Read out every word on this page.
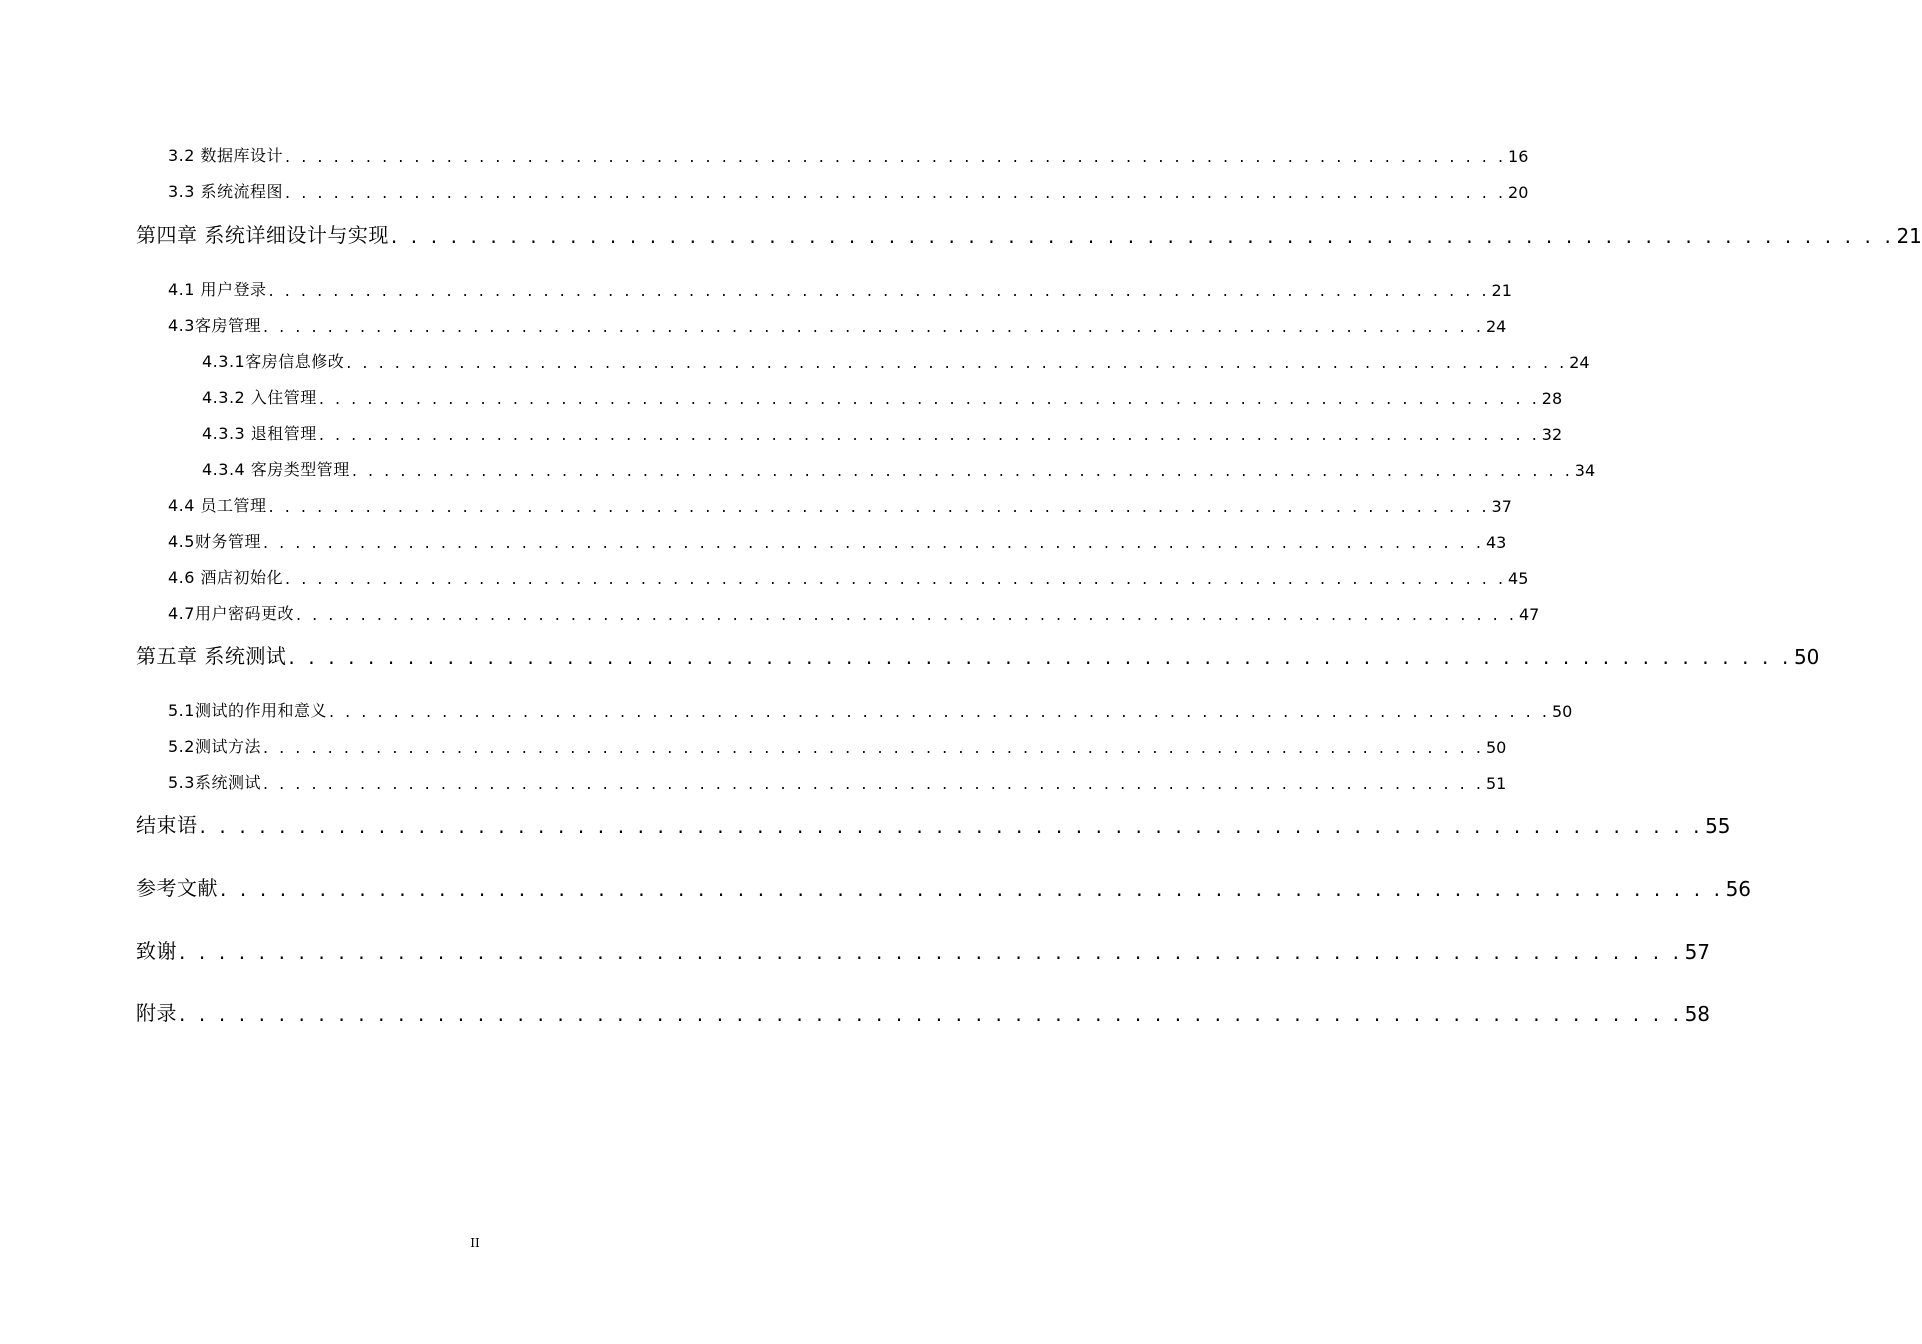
3.2 数据库设计 . . . . . . . . . . . . . . . . . . . . . . . . . . . . . . . . . . . . . . . . . . . . . . . . . . . . . . . . . . . . . . . . . . . . . . . . . . . . 16
3.3 系统流程图 . . . . . . . . . . . . . . . . . . . . . . . . . . . . . . . . . . . . . . . . . . . . . . . . . . . . . . . . . . . . . . . . . . . . . . . . . . . . 20
第四章 系统详细设计与实现 . . . . . . . . . . . . . . . . . . . . . . . . . . . . . . . . . . . . . . . . . . . . . . . . . . . . . . . . . . . . . . . . . . . . . . . . . . . . 21
4.1 用户登录 . . . . . . . . . . . . . . . . . . . . . . . . . . . . . . . . . . . . . . . . . . . . . . . . . . . . . . . . . . . . . . . . . . . . . . . . . . . . 21
4.3客房管理 . . . . . . . . . . . . . . . . . . . . . . . . . . . . . . . . . . . . . . . . . . . . . . . . . . . . . . . . . . . . . . . . . . . . . . . . . . . . 24
4.3.1客房信息修改 . . . . . . . . . . . . . . . . . . . . . . . . . . . . . . . . . . . . . . . . . . . . . . . . . . . . . . . . . . . . . . . . . . . . . . . . . . . . 24
4.3.2 入住管理 . . . . . . . . . . . . . . . . . . . . . . . . . . . . . . . . . . . . . . . . . . . . . . . . . . . . . . . . . . . . . . . . . . . . . . . . . . . . 28
4.3.3 退租管理 . . . . . . . . . . . . . . . . . . . . . . . . . . . . . . . . . . . . . . . . . . . . . . . . . . . . . . . . . . . . . . . . . . . . . . . . . . . . 32
4.3.4 客房类型管理 . . . . . . . . . . . . . . . . . . . . . . . . . . . . . . . . . . . . . . . . . . . . . . . . . . . . . . . . . . . . . . . . . . . . . . . . . . . . 34
4.4 员工管理 . . . . . . . . . . . . . . . . . . . . . . . . . . . . . . . . . . . . . . . . . . . . . . . . . . . . . . . . . . . . . . . . . . . . . . . . . . . . 37
4.5财务管理 . . . . . . . . . . . . . . . . . . . . . . . . . . . . . . . . . . . . . . . . . . . . . . . . . . . . . . . . . . . . . . . . . . . . . . . . . . . . 43
4.6 酒店初始化 . . . . . . . . . . . . . . . . . . . . . . . . . . . . . . . . . . . . . . . . . . . . . . . . . . . . . . . . . . . . . . . . . . . . . . . . . . . . 45
4.7用户密码更改 . . . . . . . . . . . . . . . . . . . . . . . . . . . . . . . . . . . . . . . . . . . . . . . . . . . . . . . . . . . . . . . . . . . . . . . . . . . . 47
第五章 系统测试 . . . . . . . . . . . . . . . . . . . . . . . . . . . . . . . . . . . . . . . . . . . . . . . . . . . . . . . . . . . . . . . . . . . . . . . . . . . . 50
5.1测试的作用和意义 . . . . . . . . . . . . . . . . . . . . . . . . . . . . . . . . . . . . . . . . . . . . . . . . . . . . . . . . . . . . . . . . . . . . . . . . . . . . 50
5.2测试方法 . . . . . . . . . . . . . . . . . . . . . . . . . . . . . . . . . . . . . . . . . . . . . . . . . . . . . . . . . . . . . . . . . . . . . . . . . . . . 50
5.3系统测试 . . . . . . . . . . . . . . . . . . . . . . . . . . . . . . . . . . . . . . . . . . . . . . . . . . . . . . . . . . . . . . . . . . . . . . . . . . . . 51
结束语 . . . . . . . . . . . . . . . . . . . . . . . . . . . . . . . . . . . . . . . . . . . . . . . . . . . . . . . . . . . . . . . . . . . . . . . . . . . . 55
参考文献 . . . . . . . . . . . . . . . . . . . . . . . . . . . . . . . . . . . . . . . . . . . . . . . . . . . . . . . . . . . . . . . . . . . . . . . . . . . . 56
致谢 . . . . . . . . . . . . . . . . . . . . . . . . . . . . . . . . . . . . . . . . . . . . . . . . . . . . . . . . . . . . . . . . . . . . . . . . . . . . 57
附录 . . . . . . . . . . . . . . . . . . . . . . . . . . . . . . . . . . . . . . . . . . . . . . . . . . . . . . . . . . . . . . . . . . . . . . . . . . . . 58
II
